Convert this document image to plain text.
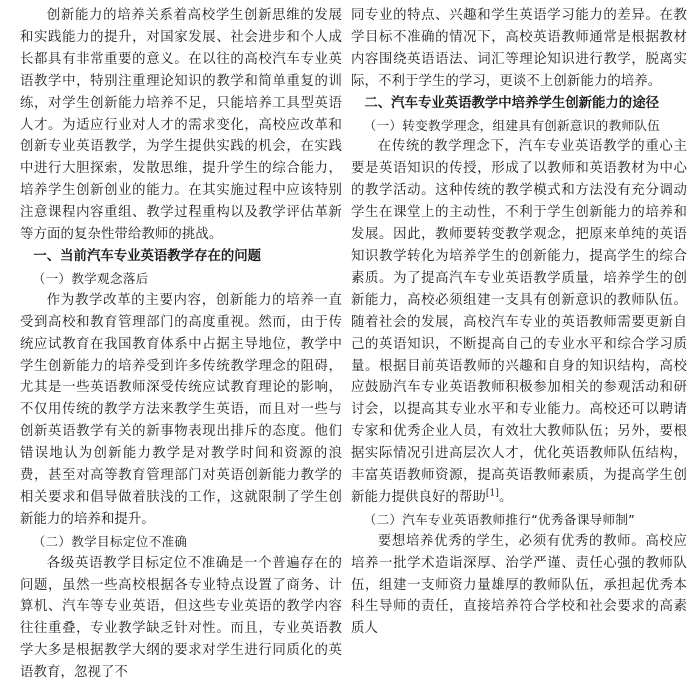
创新能力的培养关系着高校学生创新思维的发展和实践能力的提升，对国家发展、社会进步和个人成长都具有非常重要的意义。在以往的高校汽车专业英语教学中，特别注重理论知识的教学和简单重复的训练，对学生创新能力培养不足，只能培养工具型英语人才。为适应行业对人才的需求变化，高校应改革和创新专业英语教学，为学生提供实践的机会，在实践中进行大胆探索，发散思维，提升学生的综合能力，培养学生创新创业的能力。在其实施过程中应该特别注意课程内容重组、教学过程重构以及教学评估革新等方面的复杂性带给教师的挑战。

一、当前汽车专业英语教学存在的问题
（一）教学观念落后

作为教学改革的主要内容，创新能力的培养一直受到高校和教育管理部门的高度重视。然而，由于传统应试教育在我国教育体系中占据主导地位，教学中学生创新能力的培养受到许多传统教学理念的阻碍，尤其是一些英语教师深受传统应试教育理论的影响，不仅用传统的教学方法来教学生英语，而且对一些与创新英语教学有关的新事物表现出排斥的态度。他们错误地认为创新能力教学是对教学时间和资源的浪费，甚至对高等教育管理部门对英语创新能力教学的相关要求和倡导做着肤浅的工作，这就限制了学生创新能力的培养和提升。

（二）教学目标定位不准确

各级英语教学目标定位不准确是一个普遍存在的问题，虽然一些高校根据各专业特点设置了商务、计算机、汽车等专业英语，但这些专业英语的教学内容往往重叠，专业教学缺乏针对性。而且，专业英语教学大多是根据教学大纲的要求对学生进行同质化的英语教育，忽视了不

同专业的特点、兴趣和学生英语学习能力的差异。在教学目标不准确的情况下，高校英语教师通常是根据教材内容围绕英语语法、词汇等理论知识进行教学，脱离实际，不利于学生的学习，更谈不上创新能力的培养。

二、汽车专业英语教学中培养学生创新能力的途径
（一）转变教学理念，组建具有创新意识的教师队伍

在传统的教学理念下，汽车专业英语教学的重心主要是英语知识的传授，形成了以教师和英语教材为中心的教学活动。这种传统的教学模式和方法没有充分调动学生在课堂上的主动性，不利于学生创新能力的培养和发展。因此，教师要转变教学观念，把原来单纯的英语知识教学转化为培养学生的创新能力，提高学生的综合素质。为了提高汽车专业英语教学质量，培养学生的创新能力，高校必须组建一支具有创新意识的教师队伍。随着社会的发展，高校汽车专业的英语教师需要更新自己的英语知识，不断提高自己的专业水平和综合学习质量。根据目前英语教师的兴趣和自身的知识结构，高校应鼓励汽车专业英语教师积极参加相关的参观活动和研讨会，以提高其专业水平和专业能力。高校还可以聘请专家和优秀企业人员，有效壮大教师队伍；另外，要根据实际情况引进高层次人才，优化英语教师队伍结构，丰富英语教师资源，提高英语教师素质，为提高学生创新能力提供良好的帮助[1]。

（二）汽车专业英语教师推行“优秀备课导师制”

要想培养优秀的学生，必须有优秀的教师。高校应培养一批学术造诣深厚、治学严谨、责任心强的教师队伍，组建一支师资力量雄厚的教师队伍，承担起优秀本科生导师的责任，直接培养符合学校和社会要求的高素质人
